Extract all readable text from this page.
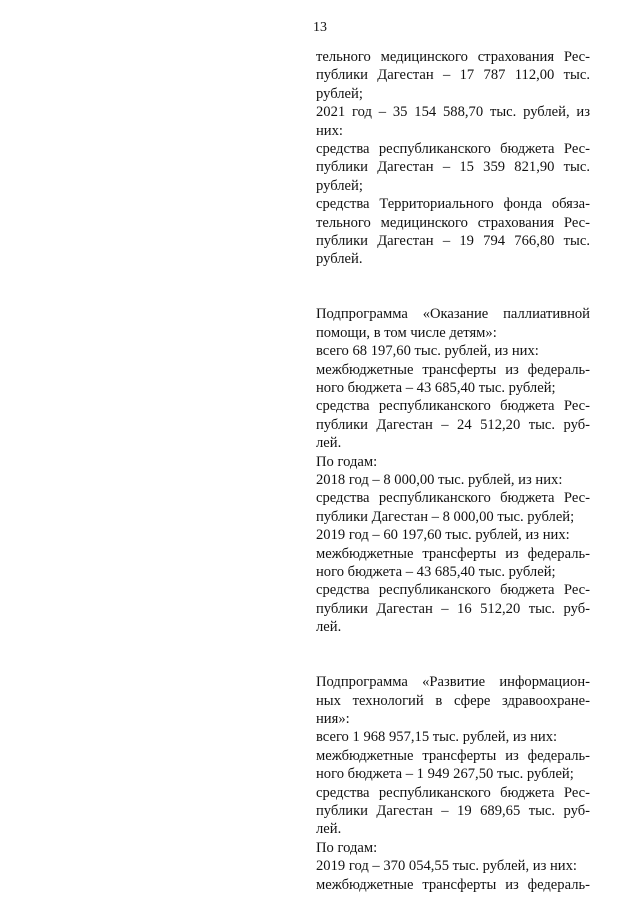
13
тельного медицинского страхования Рес-
публики Дагестан – 17 787 112,00 тыс.
рублей;
2021 год – 35 154 588,70 тыс. рублей, из
них:
средства республиканского бюджета Рес-
публики Дагестан – 15 359 821,90 тыс.
рублей;
средства Территориального фонда обяза-
тельного медицинского страхования Рес-
публики Дагестан – 19 794 766,80 тыс.
рублей.
Подпрограмма «Оказание паллиативной
помощи, в том числе детям»:
всего 68 197,60 тыс. рублей, из них:
межбюджетные трансферты из федераль-
ного бюджета – 43 685,40 тыс. рублей;
средства республиканского бюджета Рес-
публики Дагестан – 24 512,20 тыс. руб-
лей.
По годам:
2018 год – 8 000,00 тыс. рублей, из них:
средства республиканского бюджета Рес-
публики Дагестан – 8 000,00 тыс. рублей;
2019 год – 60 197,60 тыс. рублей, из них:
межбюджетные трансферты из федераль-
ного бюджета – 43 685,40 тыс. рублей;
средства республиканского бюджета Рес-
публики Дагестан – 16 512,20 тыс. руб-
лей.
Подпрограмма «Развитие информацион-
ных технологий в сфере здравоохране-
ния»:
всего 1 968 957,15 тыс. рублей, из них:
межбюджетные трансферты из федераль-
ного бюджета – 1 949 267,50 тыс. рублей;
средства республиканского бюджета Рес-
публики Дагестан – 19 689,65 тыс. руб-
лей.
По годам:
2019 год – 370 054,55 тыс. рублей, из них:
межбюджетные трансферты из федераль-
